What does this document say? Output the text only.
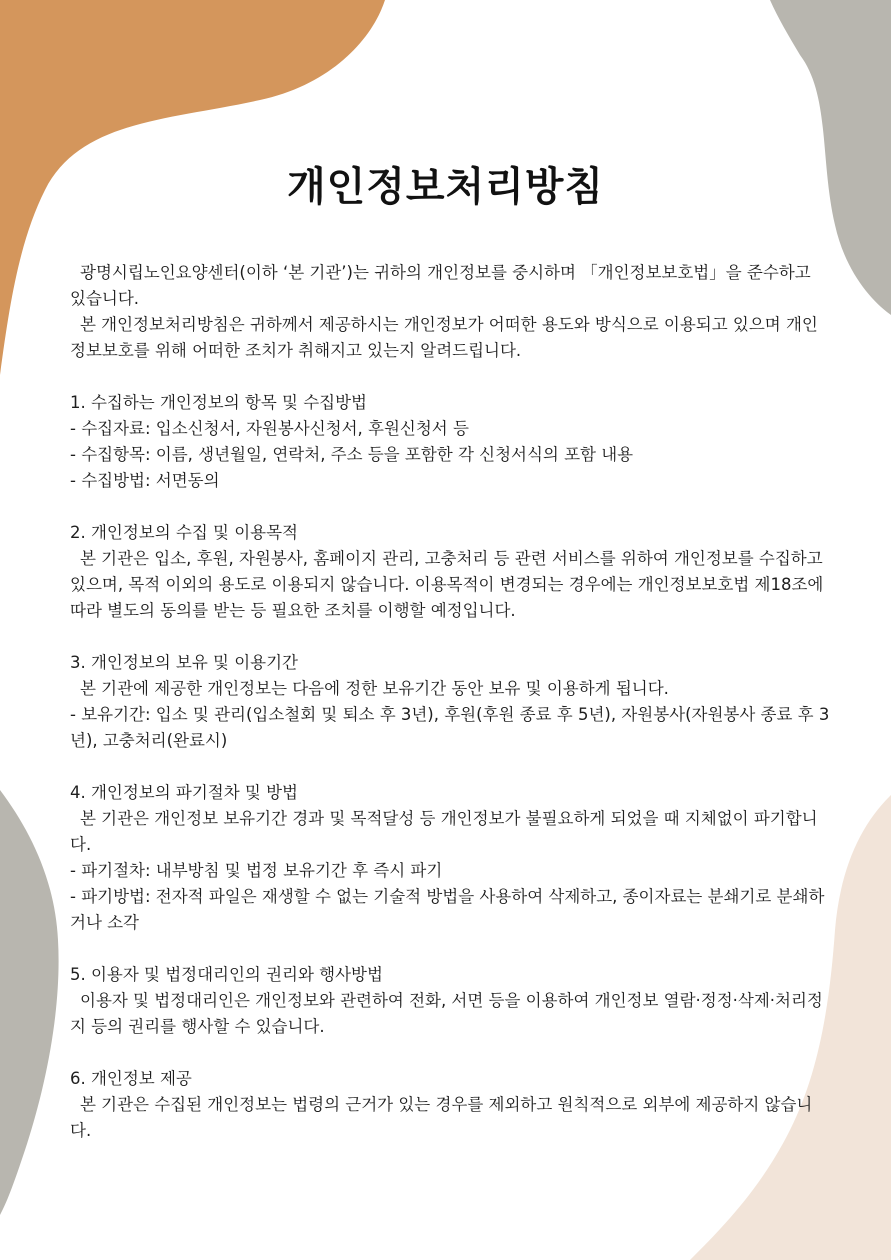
개인정보처리방침

광명시립노인요양센터(이하 ‘본 기관’)는 귀하의 개인정보를 중시하며 「개인정보보호법」을 준수하고 있습니다.

본 개인정보처리방침은 귀하께서 제공하시는 개인정보가 어떠한 용도와 방식으로 이용되고 있으며 개인정보보호를 위해 어떠한 조치가 취해지고 있는지 알려드립니다.

1. 수집하는 개인정보의 항목 및 수집방법

- 수집자료: 입소신청서, 자원봉사신청서, 후원신청서 등

- 수집항목: 이름, 생년월일, 연락처, 주소 등을 포함한 각 신청서식의 포함 내용

- 수집방법: 서면동의

2. 개인정보의 수집 및 이용목적

본 기관은 입소, 후원, 자원봉사, 홈페이지 관리, 고충처리 등 관련 서비스를 위하여 개인정보를 수집하고 있으며, 목적 이외의 용도로 이용되지 않습니다. 이용목적이 변경되는 경우에는 개인정보보호법 제18조에 따라 별도의 동의를 받는 등 필요한 조치를 이행할 예정입니다.

3. 개인정보의 보유 및 이용기간

본 기관에 제공한 개인정보는 다음에 정한 보유기간 동안 보유 및 이용하게 됩니다.

- 보유기간: 입소 및 관리(입소철회 및 퇴소 후 3년), 후원(후원 종료 후 5년), 자원봉사(자원봉사 종료 후 3년), 고충처리(완료시)

4. 개인정보의 파기절차 및 방법

본 기관은 개인정보 보유기간 경과 및 목적달성 등 개인정보가 불필요하게 되었을 때 지체없이 파기합니다.

- 파기절차: 내부방침 및 법정 보유기간 후 즉시 파기

- 파기방법: 전자적 파일은 재생할 수 없는 기술적 방법을 사용하여 삭제하고, 종이자료는 분쇄기로 분쇄하거나 소각

5. 이용자 및 법정대리인의 권리와 행사방법

이용자 및 법정대리인은 개인정보와 관련하여 전화, 서면 등을 이용하여 개인정보 열람·정정·삭제·처리정지 등의 권리를 행사할 수 있습니다.

6. 개인정보 제공

본 기관은 수집된 개인정보는 법령의 근거가 있는 경우를 제외하고 원칙적으로 외부에 제공하지 않습니다.
